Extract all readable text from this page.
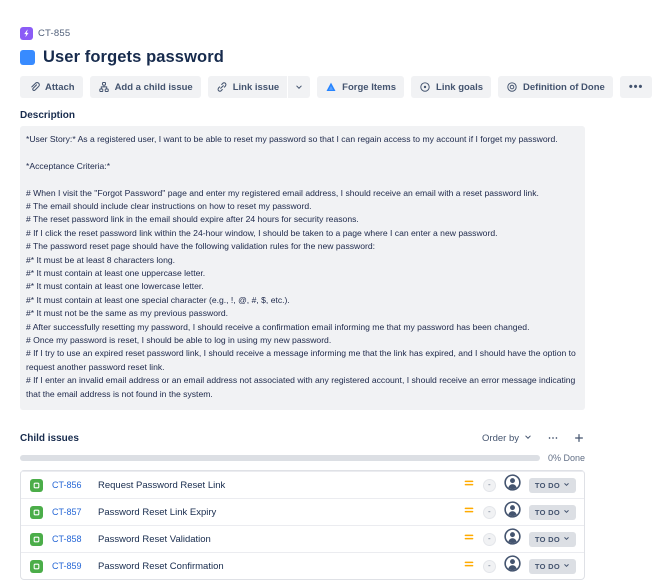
CT-855
User forgets password
Attach	Add a child issue	Link issue	Forge Items	Link goals	Definition of Done •••
Description
*User Story:* As a registered user, I want to be able to reset my password so that I can regain access to my account if I forget my password.
*Acceptance Criteria:*
# When I visit the "Forgot Password" page and enter my registered email address, I should receive an email with a reset password link.
# The email should include clear instructions on how to reset my password.
# The reset password link in the email should expire after 24 hours for security reasons.
# If I click the reset password link within the 24-hour window, I should be taken to a page where I can enter a new password.
# The password reset page should have the following validation rules for the new password:
#* It must be at least 8 characters long.
#* It must contain at least one uppercase letter.
#* It must contain at least one lowercase letter.
#* It must contain at least one special character (e.g., !, @, #, $, etc.).
#* It must not be the same as my previous password.
# After successfully resetting my password, I should receive a confirmation email informing me that my password has been changed.
# Once my password is reset, I should be able to log in using my new password.
# If I try to use an expired reset password link, I should receive a message informing me that the link has expired, and I should have the option to request another password reset link.
# If I enter an invalid email address or an email address not associated with any registered account, I should receive an error message indicating that the email address is not found in the system.
Child issues	Order by
0% Done
CT-856	Request Password Reset Link	-	TO DO
CT-857	Password Reset Link Expiry	-	TO DO
CT-858	Password Reset Validation	-	TO DO
CT-859	Password Reset Confirmation	-	TO DO
